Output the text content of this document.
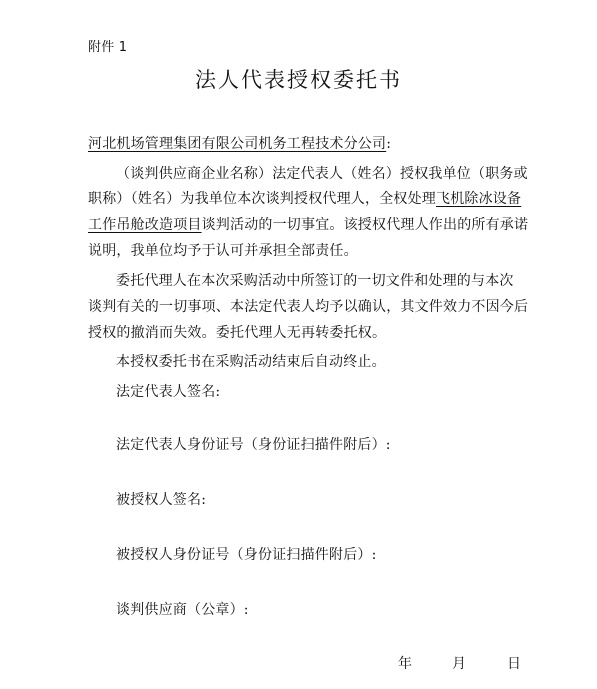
附件 1
法人代表授权委托书
河北机场管理集团有限公司机务工程技术分公司:
（谈判供应商企业名称）法定代表人（姓名）授权我单位（职务或
职称）（姓名）为我单位本次谈判授权代理人，全权处理飞机除冰设备
工作吊舱改造项目谈判活动的一切事宜。该授权代理人作出的所有承诺
说明，我单位均予于认可并承担全部责任。
委托代理人在本次采购活动中所签订的一切文件和处理的与本次
谈判有关的一切事项、本法定代表人均予以确认，其文件效力不因今后
授权的撤消而失效。委托代理人无再转委托权。
本授权委托书在采购活动结束后自动终止。
法定代表人签名:
法定代表人身份证号（身份证扫描件附后）:
被授权人签名:
被授权人身份证号（身份证扫描件附后）:
谈判供应商（公章）:
年	月	日
